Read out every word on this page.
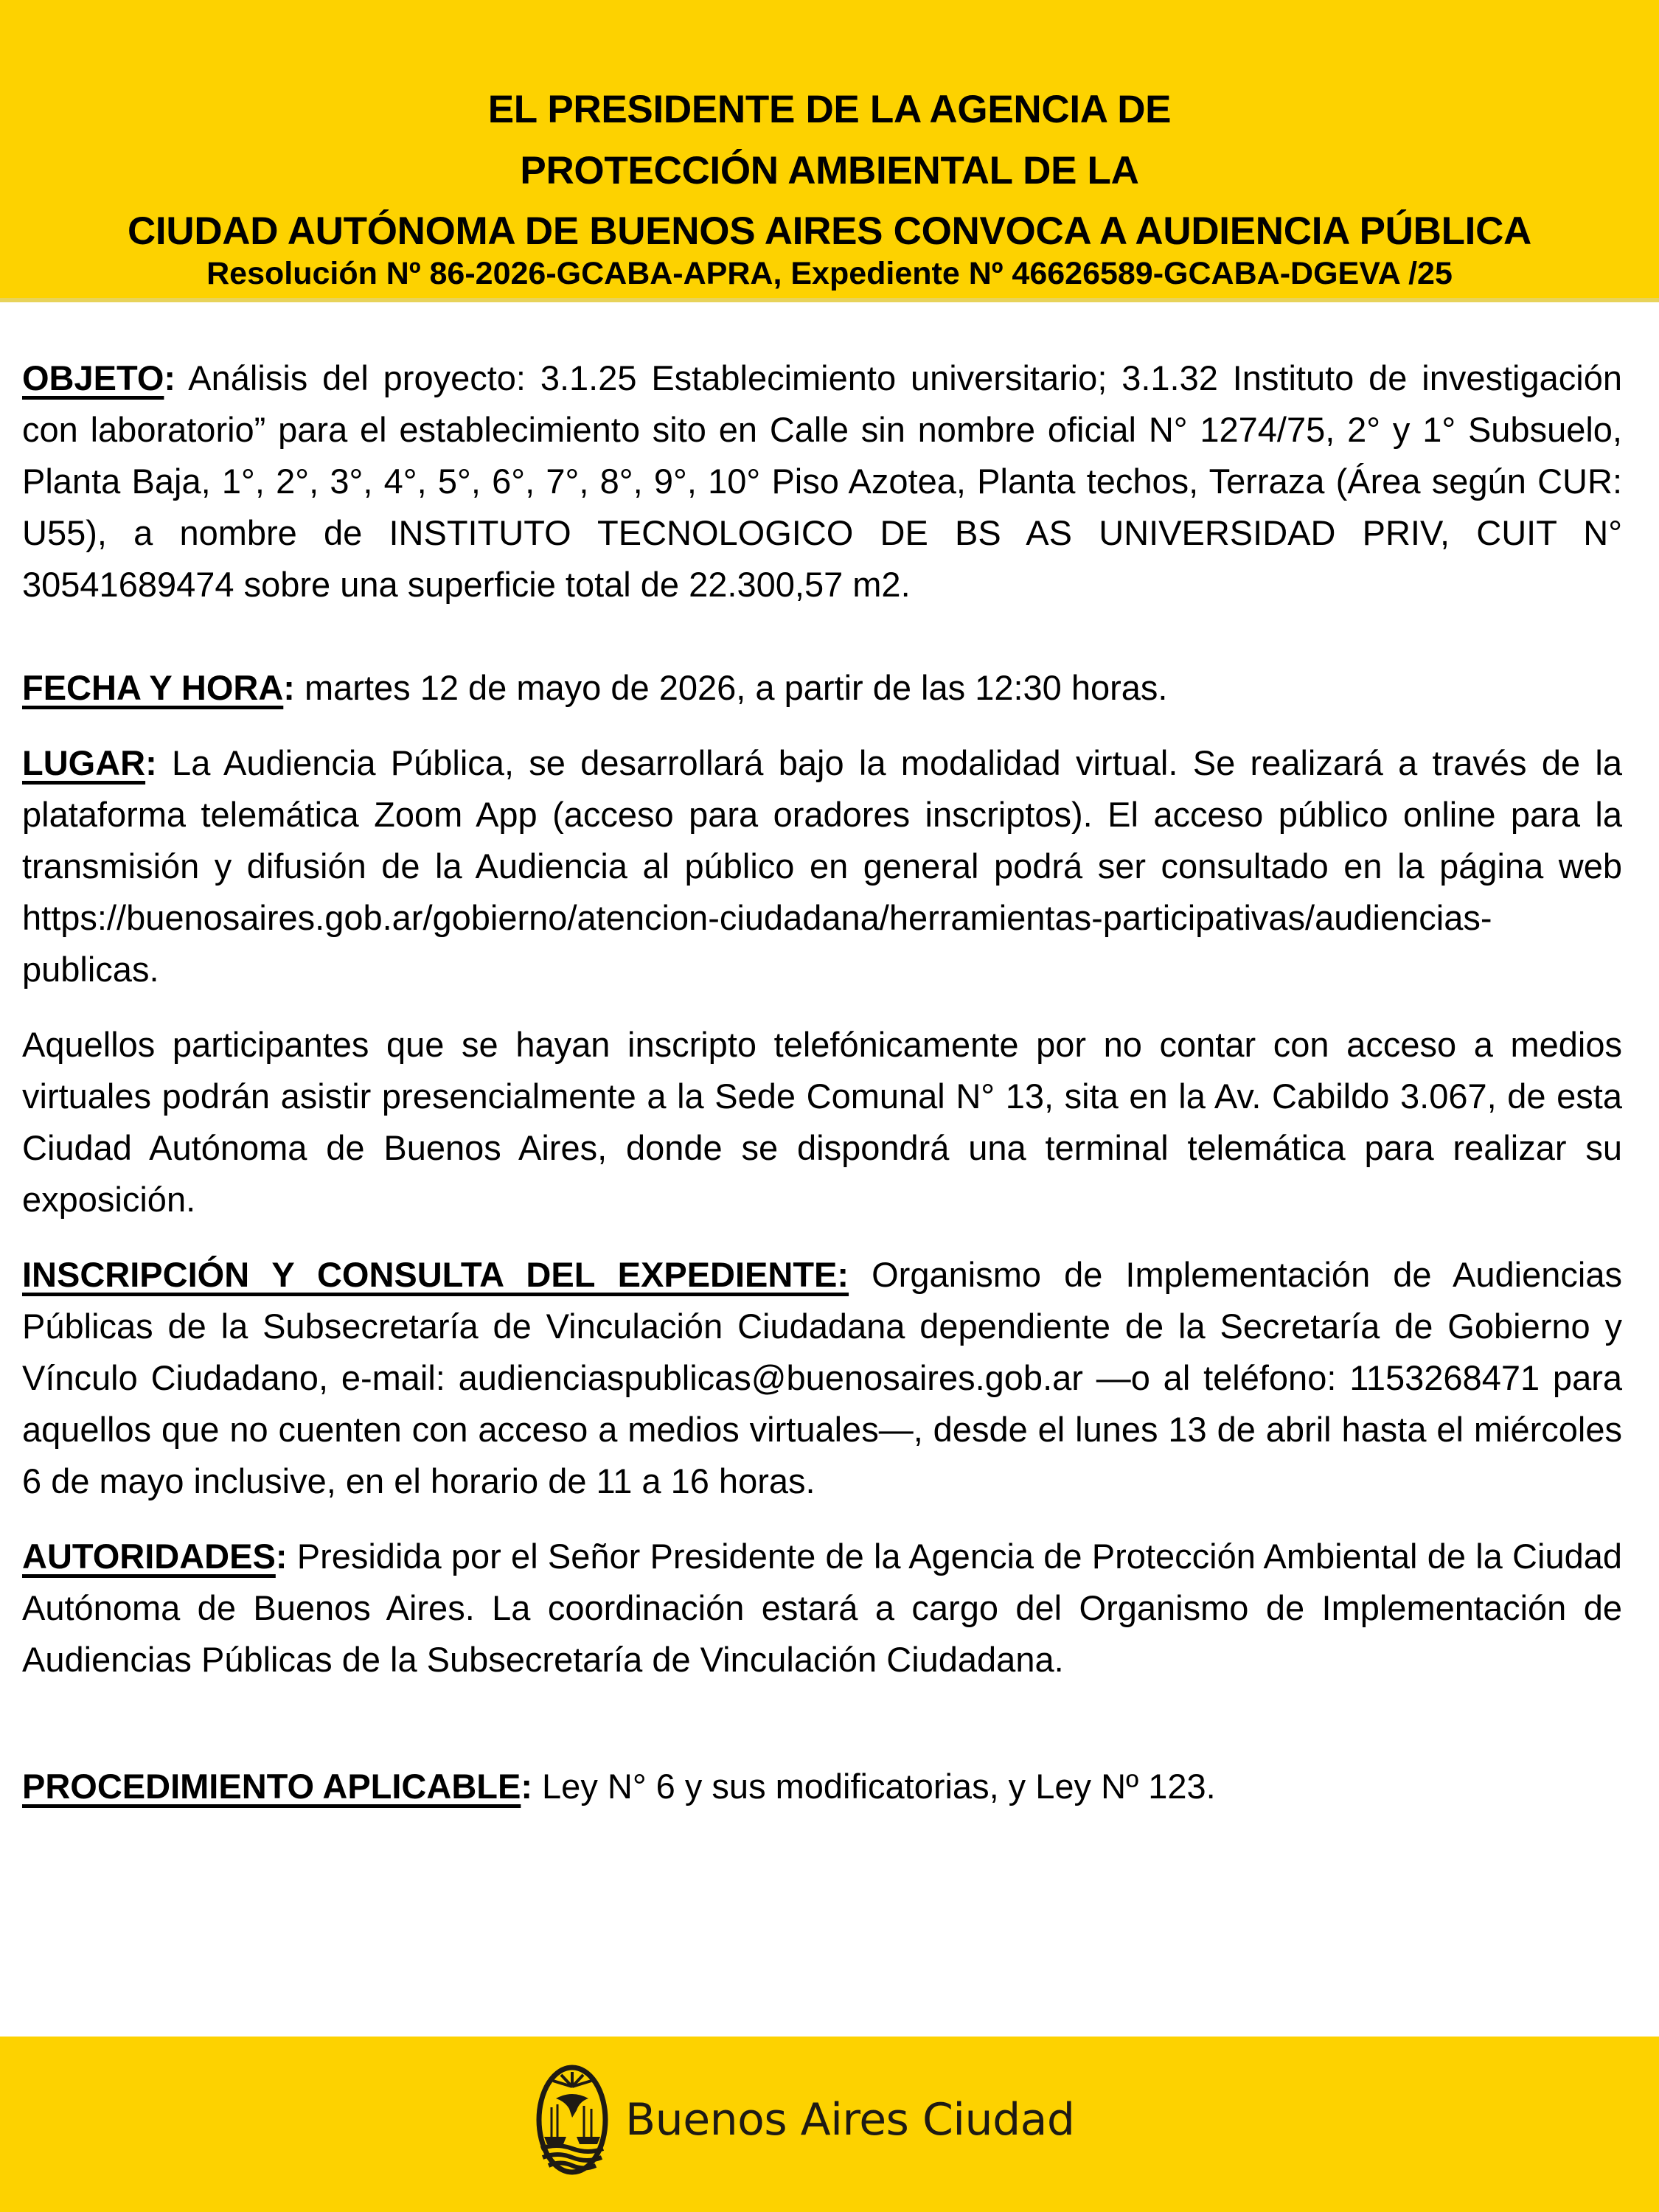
EL PRESIDENTE DE LA AGENCIA DE
PROTECCIÓN AMBIENTAL DE LA
CIUDAD AUTÓNOMA DE BUENOS AIRES CONVOCA A AUDIENCIA PÚBLICA
Resolución Nº 86-2026-GCABA-APRA, Expediente Nº 46626589-GCABA-DGEVA /25

OBJETO: Análisis del proyecto: 3.1.25 Establecimiento universitario; 3.1.32 Instituto de investigación con laboratorio” para el establecimiento sito en Calle sin nombre oficial N° 1274/75, 2° y 1° Subsuelo, Planta Baja, 1°, 2°, 3°, 4°, 5°, 6°, 7°, 8°, 9°, 10° Piso Azotea, Planta techos, Terraza (Área según CUR: U55), a nombre de INSTITUTO TECNOLOGICO DE BS AS UNIVERSIDAD PRIV, CUIT N° 30541689474 sobre una superficie total de 22.300,57 m2.

FECHA Y HORA: martes 12 de mayo de 2026, a partir de las 12:30 horas.

LUGAR: La Audiencia Pública, se desarrollará bajo la modalidad virtual. Se realizará a través de la plataforma telemática Zoom App (acceso para oradores inscriptos). El acceso público online para la transmisión y difusión de la Audiencia al público en general podrá ser consultado en la página web https://buenosaires.gob.ar/gobierno/atencion-ciudadana/herramientas-participativas/audiencias-publicas.

Aquellos participantes que se hayan inscripto telefónicamente por no contar con acceso a medios virtuales podrán asistir presencialmente a la Sede Comunal N° 13, sita en la Av. Cabildo 3.067, de esta Ciudad Autónoma de Buenos Aires, donde se dispondrá una terminal telemática para realizar su exposición.

INSCRIPCIÓN Y CONSULTA DEL EXPEDIENTE: Organismo de Implementación de Audiencias Públicas de la Subsecretaría de Vinculación Ciudadana dependiente de la Secretaría de Gobierno y Vínculo Ciudadano, e-mail: audienciaspublicas@buenosaires.gob.ar —o al teléfono: 1153268471 para aquellos que no cuenten con acceso a medios virtuales—, desde el lunes 13 de abril hasta el miércoles 6 de mayo inclusive, en el horario de 11 a 16 horas.

AUTORIDADES: Presidida por el Señor Presidente de la Agencia de Protección Ambiental de la Ciudad Autónoma de Buenos Aires. La coordinación estará a cargo del Organismo de Implementación de Audiencias Públicas de la Subsecretaría de Vinculación Ciudadana.

PROCEDIMIENTO APLICABLE: Ley N° 6 y sus modificatorias, y Ley Nº 123.

Buenos Aires Ciudad
